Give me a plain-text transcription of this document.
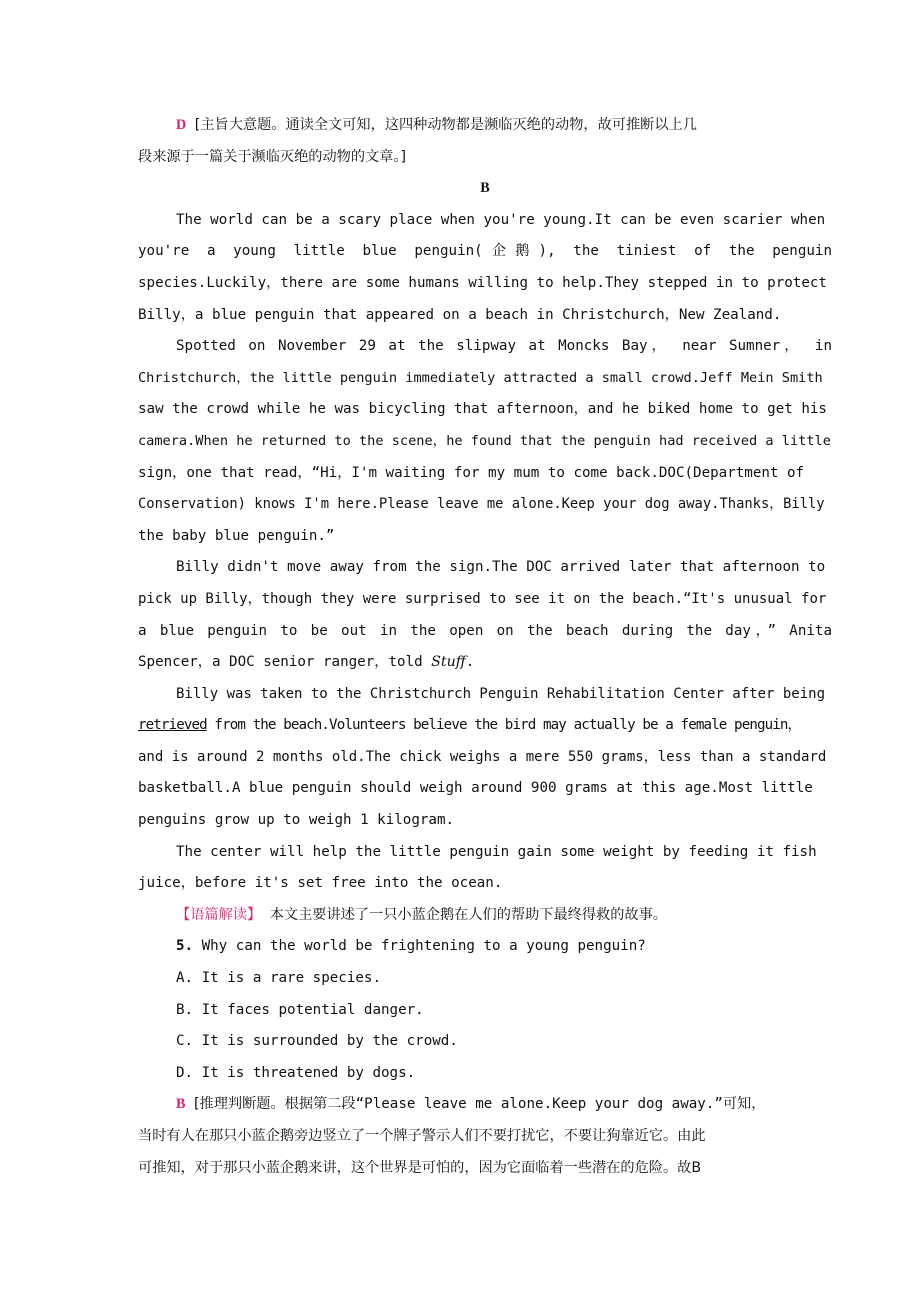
D [主旨大意题。通读全文可知，这四种动物都是濒临灭绝的动物，故可推断以上几
段来源于一篇关于濒临灭绝的动物的文章。]
B
The world can be a scary place when you're young.It can be even scarier when
you're a young little blue penguin(企鹅), the tiniest of the penguin
species.Luckily，there are some humans willing to help.They stepped in to protect
Billy，a blue penguin that appeared on a beach in Christchurch，New Zealand.
Spotted on November 29 at the slipway at Moncks Bay， near Sumner， in
Christchurch，the little penguin immediately attracted a small crowd.Jeff Mein Smith
saw the crowd while he was bicycling that afternoon，and he biked home to get his
camera.When he returned to the scene，he found that the penguin had received a little
sign，one that read，“Hi，I'm waiting for my mum to come back.DOC(Department of
Conservation) knows I'm here.Please leave me alone.Keep your dog away.Thanks，Billy
the baby blue penguin.”
Billy didn't move away from the sign.The DOC arrived later that afternoon to
pick up Billy，though they were surprised to see it on the beach.“It's unusual for
a blue penguin to be out in the open on the beach during the day，” Anita
Spencer，a DOC senior ranger，told Stuff.
Billy was taken to the Christchurch Penguin Rehabilitation Center after being
retrieved from the beach.Volunteers believe the bird may actually be a female penguin，
and is around 2 months old.The chick weighs a mere 550 grams，less than a standard
basketball.A blue penguin should weigh around 900 grams at this age.Most little
penguins grow up to weigh 1 kilogram.
The center will help the little penguin gain some weight by feeding it fish
juice，before it's set free into the ocean.
【语篇解读】 本文主要讲述了一只小蓝企鹅在人们的帮助下最终得救的故事。
5. Why can the world be frightening to a young penguin?
A. It is a rare species.
B. It faces potential danger.
C. It is surrounded by the crowd.
D. It is threatened by dogs.
B [推理判断题。根据第二段“Please leave me alone.Keep your dog away.”可知，
当时有人在那只小蓝企鹅旁边竖立了一个牌子警示人们不要打扰它，不要让狗靠近它。由此
可推知，对于那只小蓝企鹅来讲，这个世界是可怕的，因为它面临着一些潜在的危险。故B
